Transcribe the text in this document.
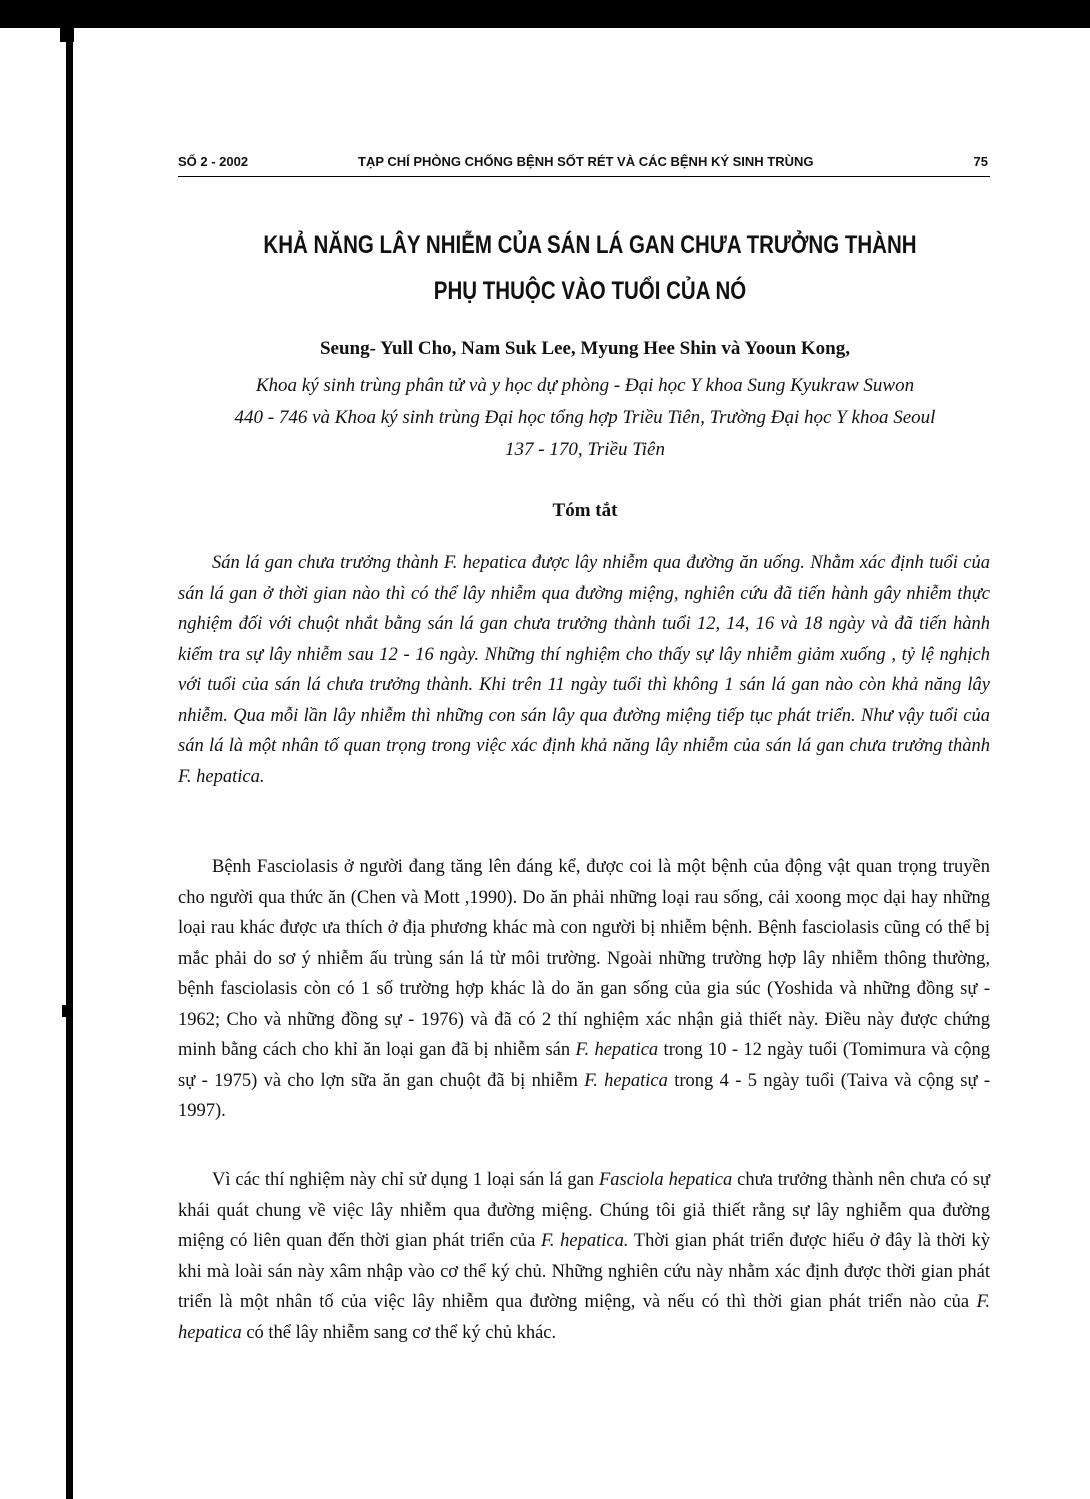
SỐ 2 - 2002	TẠP CHÍ PHÒNG CHỐNG BỆNH SỐT RÉT VÀ CÁC BỆNH KÝ SINH TRÙNG	75
KHẢ NĂNG LÂY NHIỄM CỦA SÁN LÁ GAN CHƯA TRƯỞNG THÀNH
PHỤ THUỘC VÀO TUỔI CỦA NÓ
Seung- Yull Cho, Nam Suk Lee, Myung Hee Shin và Yooun Kong,
Khoa ký sinh trùng phân tử và y học dự phòng - Đại học Y khoa Sung Kyukraw Suwon
440 - 746 và Khoa ký sinh trùng Đại học tổng hợp Triều Tiên, Trường Đại học Y khoa Seoul
137 - 170, Triều Tiên
Tóm tắt

Sán lá gan chưa trưởng thành F. hepatica được lây nhiễm qua đường ăn uống. Nhằm xác định tuổi của sán lá gan ở thời gian nào thì có thể lây nhiễm qua đường miệng, nghiên cứu đã tiến hành gây nhiễm thực nghiệm đối với chuột nhắt bằng sán lá gan chưa trưởng thành tuổi 12, 14, 16 và 18 ngày và đã tiến hành kiểm tra sự lây nhiễm sau 12 - 16 ngày. Những thí nghiệm cho thấy sự lây nhiễm giảm xuống , tỷ lệ nghịch với tuổi của sán lá chưa trưởng thành. Khi trên 11 ngày tuổi thì không 1 sán lá gan nào còn khả năng lây nhiễm. Qua mỗi lần lây nhiễm thì những con sán lây qua đường miệng tiếp tục phát triển. Như vậy tuổi của sán lá là một nhân tố quan trọng trong việc xác định khả năng lây nhiễm của sán lá gan chưa trưởng thành F. hepatica.

Bệnh Fasciolasis ở người đang tăng lên đáng kể, được coi là một bệnh của động vật quan trọng truyền cho người qua thức ăn (Chen và Mott ,1990). Do ăn phải những loại rau sống, cải xoong mọc dại hay những loại rau khác được ưa thích ở địa phương khác mà con người bị nhiễm bệnh. Bệnh fasciolasis cũng có thể bị mắc phải do sơ ý nhiễm ấu trùng sán lá từ môi trường. Ngoài những trường hợp lây nhiễm thông thường, bệnh fasciolasis còn có 1 số trường hợp khác là do ăn gan sống của gia súc (Yoshida và những đồng sự - 1962; Cho và những đồng sự - 1976) và đã có 2 thí nghiệm xác nhận giả thiết này. Điều này được chứng minh bằng cách cho khỉ ăn loại gan đã bị nhiễm sán F. hepatica trong 10 - 12 ngày tuổi (Tomimura và cộng sự - 1975) và cho lợn sữa ăn gan chuột đã bị nhiễm F. hepatica trong 4 - 5 ngày tuổi (Taiva và cộng sự - 1997).

Vì các thí nghiệm này chỉ sử dụng 1 loại sán lá gan Fasciola hepatica chưa trưởng thành nên chưa có sự khái quát chung về việc lây nhiễm qua đường miệng. Chúng tôi giả thiết rằng sự lây nghiễm qua đường miệng có liên quan đến thời gian phát triển của F. hepatica. Thời gian phát triển được hiểu ở đây là thời kỳ khi mà loài sán này xâm nhập vào cơ thể ký chủ. Những nghiên cứu này nhằm xác định được thời gian phát triển là một nhân tố của việc lây nhiễm qua đường miệng, và nếu có thì thời gian phát triển nào của F. hepatica có thể lây nhiễm sang cơ thể ký chủ khác.
